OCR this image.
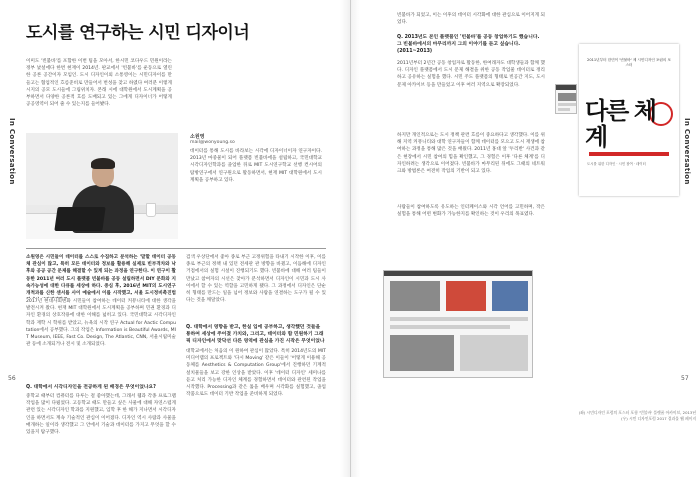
도시를 연구하는 시민 디자이너
이미도 '빈불바'를 포함한 이번 팀을 모아서, 한시민 코다우드 민원이라는 정부 낯설에다 한번 현재이 2014년. 판교에서 '빈불바'를 운동으로 열린한 공론 공간이자 모임인. 도시 디자인이외 소통영이는 시민디자이를 만들고는 협업적인 흐름준비로 만들어서 번성을 찾고 하였다 여러분 이렇게 시지의 공모 도시들에 그림위치자. 본래 시에 대학원에서 도시계획을 공부하면서 다양한 공론적 흐름 도배되고 있는 그에게 디자이너가 어떻게 공공영역이 되어 줄 수 있는지를 들어봤다.
소원영
mail@wonyoung.so
데이터를 통해 도시를 바라보는 시각에 디자이너이자 연구자이다. 2013년 마중물이 되어 플랫폼 빈불바에을 설립하고, 국민대학교 시각디자인학과를 졸업한 뒤로 MIT 도시연구학교 선행 컨시어의 탐방연구에서 연구원으로 활동하면서, 현재 MIT 대학원에서 도시계획을 공부하고 있다.
소원영은 시민들이 데이터를 스스로 수집하고 분석하는 '말할 데이터 공동체 관심이 많고, 특히 모든 데이터와 정보를 활용해 실제로 빈부격차와 낙후와 공공 공간 문제를 해결할 수 있게 되는 과정을 연구한다. 이 연구이 활동한 2011년 여러 도시 플랫폼 빈불바를 공동 설립하면서 DIY 문화와 지속가능성에 대한 다큐를 세상에 하다. 중심 후, 2016년 MIT의 도시연구개척과를 신한 센서를 사이 예술에서 이를 시작했고, 서울 도시정비촉진법
2017년 현대사회변화 시민들이 참여하는 데이터 커뮤니티에 대한 생각을 발전시켜 왔다. 현재 MIT 대학원에서 도시계획을 공부하며 민권 환경과 디자인 환경의 상호작용에 대한 이해를 넓히고 있다. 국민대학교 시각디자인학과 재학 시 학위를 받았고, 뉴욕의 시작 연구 Actual for Aactic Computation에서 공부했다. 그의 작업은 Information is Beautiful Awards, MIT Museum, IEEE, Fast Co. Design, The Atlantic, CNN, 서울시립미술관 등에 소개되거나 전시 및 소개되었다.
Q. 대학에서 시각디자인을 전공하게 된 배경은 무엇이었나요?
중학교 때부터 컴퓨터를 다루는 걸 좋아했는데, 그래서 웹과 각종 프로그램 작업을 많이 다뤘었다. 고등학교 때도 만들고 싶은 사물에 대해 자연스럽게 관련 있는 시각디자인 학과를 지원했고, 입학 후 한 해가 지나면서 시각디자인을 하면서도 계속 기술적인 관심이 이어졌다. 디자인 역시 사람과 사물을 매개하는 일이라 생각했고 그 안에서 기술과 데이터를 가지고 무엇을 할 수 있을지 탐구했다.
검색 우상단에서 좋아 종로 부근 고정위험을 타내기 시작한 이후, 이를 종로 부근의 정책 내 있던 전세관 관 방향을 바꿨고, 이듬해에 디자인 거점에서의 실험 시설이 진행되기도 했다. 빈불바에 대해 여러 팀들이 만났고 참여자의 시선은 찾아가 분석하면서 디자인이 시민과 도시 사이에서 할 수 있는 역할을 고민하게 됐다. 그 과정에서 디자인은 단순히 형태를 만드는 일을 넘어 정보와 사람을 연결하는 도구가 될 수 있다는 것을 깨달았다.
Q. 대학에서 영향을 받고, 한실 입에 공부하고, 생각했던 것들을 통하여 세상에 주어졌 가치와, 그리고, 데이터와 함 민원하기 그래픽 디자인에서 맞닥선 다른 영역에 관심을 가진 시작은 무엇이었나
대학교에서는 처음의 이 원하여 관심이 많았다. 특히 2014년도의 MIT 미디어랩의 프로젝트와 '다시 Moving' 같은 이들이 '어떻게 이용해 공동체를 Aesthetics & Computation Group'에서 진행하던 기계적 설치물들을 보고 강한 인상을 받았다. 이후 '데이터 디자인' 세미나를 듣고 처리 가능한 디자인 체계를 경험하면서 데이터와 관련된 작업을 시작했다. Processing과 같은 툴을 배우며 시각화를 실험했고, 졸업 작품으로도 데이터 기반 작업을 준비하게 되었다.
56
빈불바가 되었고, 이는 이후의 데이터 시각화에 대한 관심으로 이어지게 되었다.
Q. 2013년도 본인 플랫폼인 '빈불바'를 공동 창업하기도 했습니다. 그 빈불바에서의 마무리까지 그의 이야기를 듣고 싶습니다. (2011~2013)
2011년부터 2년간 공동 창업자로 활동한, 한여래자도 대학생들과 함께 했다. 디자인 플랫폼에서 도시 문제 해결을 위한 공동 작업물 데이터로 정리하고 공유하는 실험을 했다. 시민 주도 플랫폼의 형태로 빈공간 지도, 도시 문제 아카이브 등을 만들었고 이후 여러 지역으로 확장되었다.
하지만 개인적으로는 도시 정책 관련 흐름이 중요하다고 생각했다. 이를 위해 지역 커뮤니티와 대학 연구자들이 함께 데이터를 모으고 도시 재생에 참여하는 과정을 통해 많은 것을 배웠다. 2011년 홍대 앞 '두리반' 사건과 같은 현장에서 시민 참여의 힘을 확인했고, 그 경험은 이후 '다른 체계'를 디자인하려는 생각으로 이어졌다. 빈불바가 마무리된 뒤에도 그때의 네트워크와 방법론은 여전히 작업의 기반이 되고 있다.
사람들이 참여하도록 유도하는 인터페이스와 시각 언어를 고민하며, 작은 실험을 통해 어떤 변화가 가능한지를 확인하는 것이 우리의 목표였다.
(좌) 시민디자인 포럼의 포스터 포함 '빈불바' 플랫폼 아카이브, 2013년 (우) 시민 디자인포럼 2017 결과물 웹 페이지
57
2011년부터 한민이 '빈불바' 제 시민디자인 포럼의 포스터
다른 체계
도시를 위한 디자인 · 시민 참여 · 데이터
In Conversation	In Conversation
